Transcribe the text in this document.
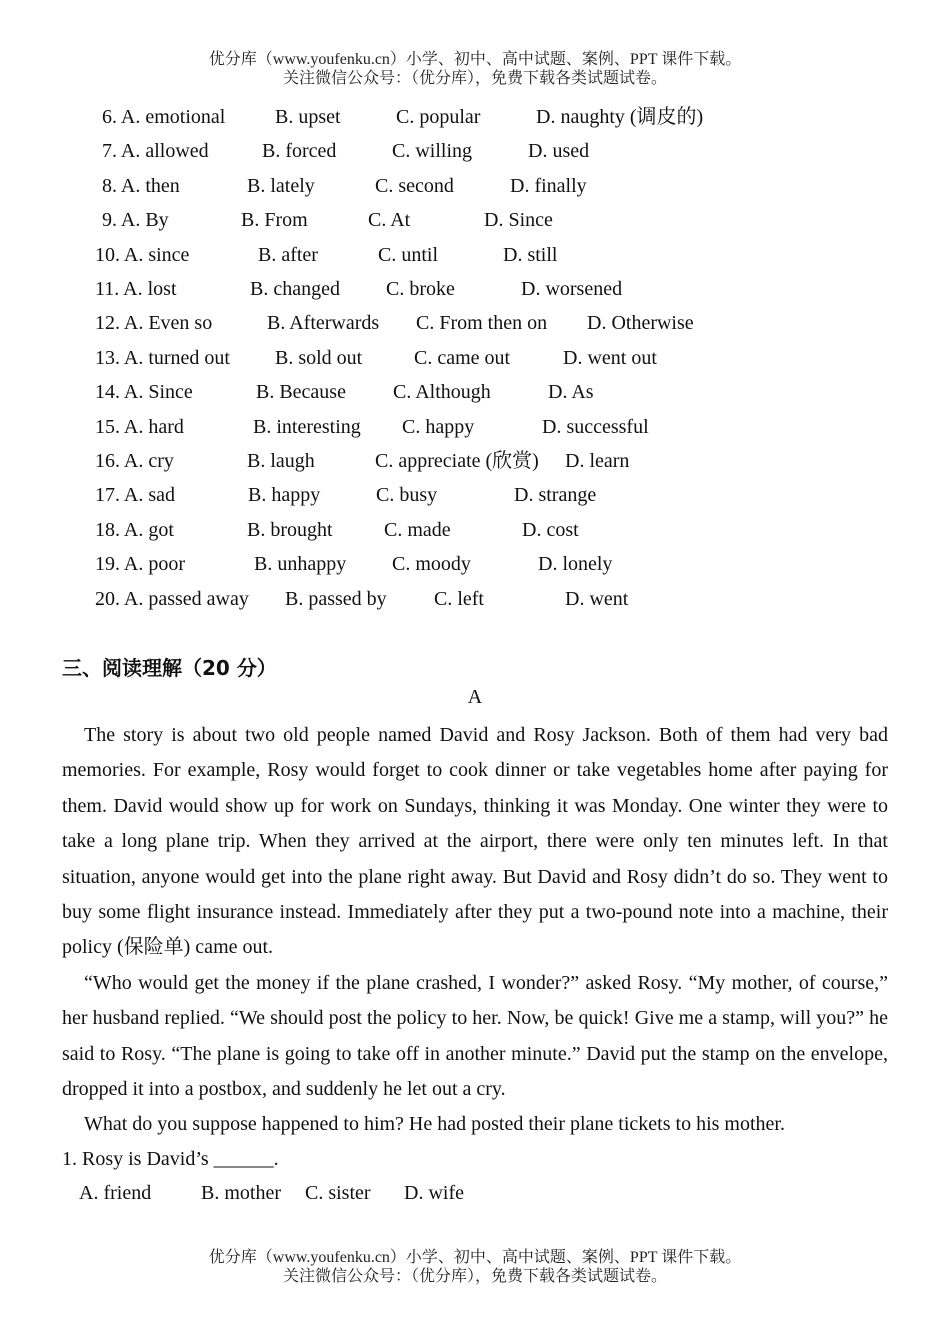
优分库（www.youfenku.cn）小学、初中、高中试题、案例、PPT 课件下载。
关注微信公众号：（优分库），免费下载各类试题试卷。
6. A. emotional B. upset	C. popular	D. naughty (调皮的)
7. A. allowed	B. forced	C. willing	D. used
8. A. then	B. lately	C. second	D. finally
9. A. By	B. From	C. At	D. Since
10. A. since	B. after	C. until	D. still
11. A. lost	B. changed C. broke	D. worsened
12. A. Even so	B. Afterwards C. From then on D. Otherwise
13. A. turned out B. sold out	C. came out	D. went out
14. A. Since	B. Because C. Although	D. As
15. A. hard	B. interesting C. happy	D. successful
16. A. cry	B. laugh	C. appreciate (欣赏) D. learn
17. A. sad	B. happy	C. busy	D. strange
18. A. got	B. brought	C. made	D. cost
19. A. poor	B. unhappy C. moody	D. lonely
20. A. passed away B. passed by C. left	D. went
三、阅读理解（20 分）
A

The story is about two old people named David and Rosy Jackson. Both of them had very bad memories. For example, Rosy would forget to cook dinner or take vegetables home after paying for them. David would show up for work on Sundays, thinking it was Monday. One winter they were to take a long plane trip. When they arrived at the airport, there were only ten minutes left. In that situation, anyone would get into the plane right away. But David and Rosy didn’t do so. They went to buy some flight insurance instead. Immediately after they put a two-pound note into a machine, their policy (保险单) came out.

“Who would get the money if the plane crashed, I wonder?” asked Rosy. “My mother, of course,” her husband replied. “We should post the policy to her. Now, be quick! Give me a stamp, will you?” he said to Rosy. “The plane is going to take off in another minute.” David put the stamp on the envelope, dropped it into a postbox, and suddenly he let out a cry.

What do you suppose happened to him? He had posted their plane tickets to his mother.

1. Rosy is David’s ______.
A. friend B. mother C. sister D. wife
优分库（www.youfenku.cn）小学、初中、高中试题、案例、PPT 课件下载。
关注微信公众号：（优分库），免费下载各类试题试卷。
